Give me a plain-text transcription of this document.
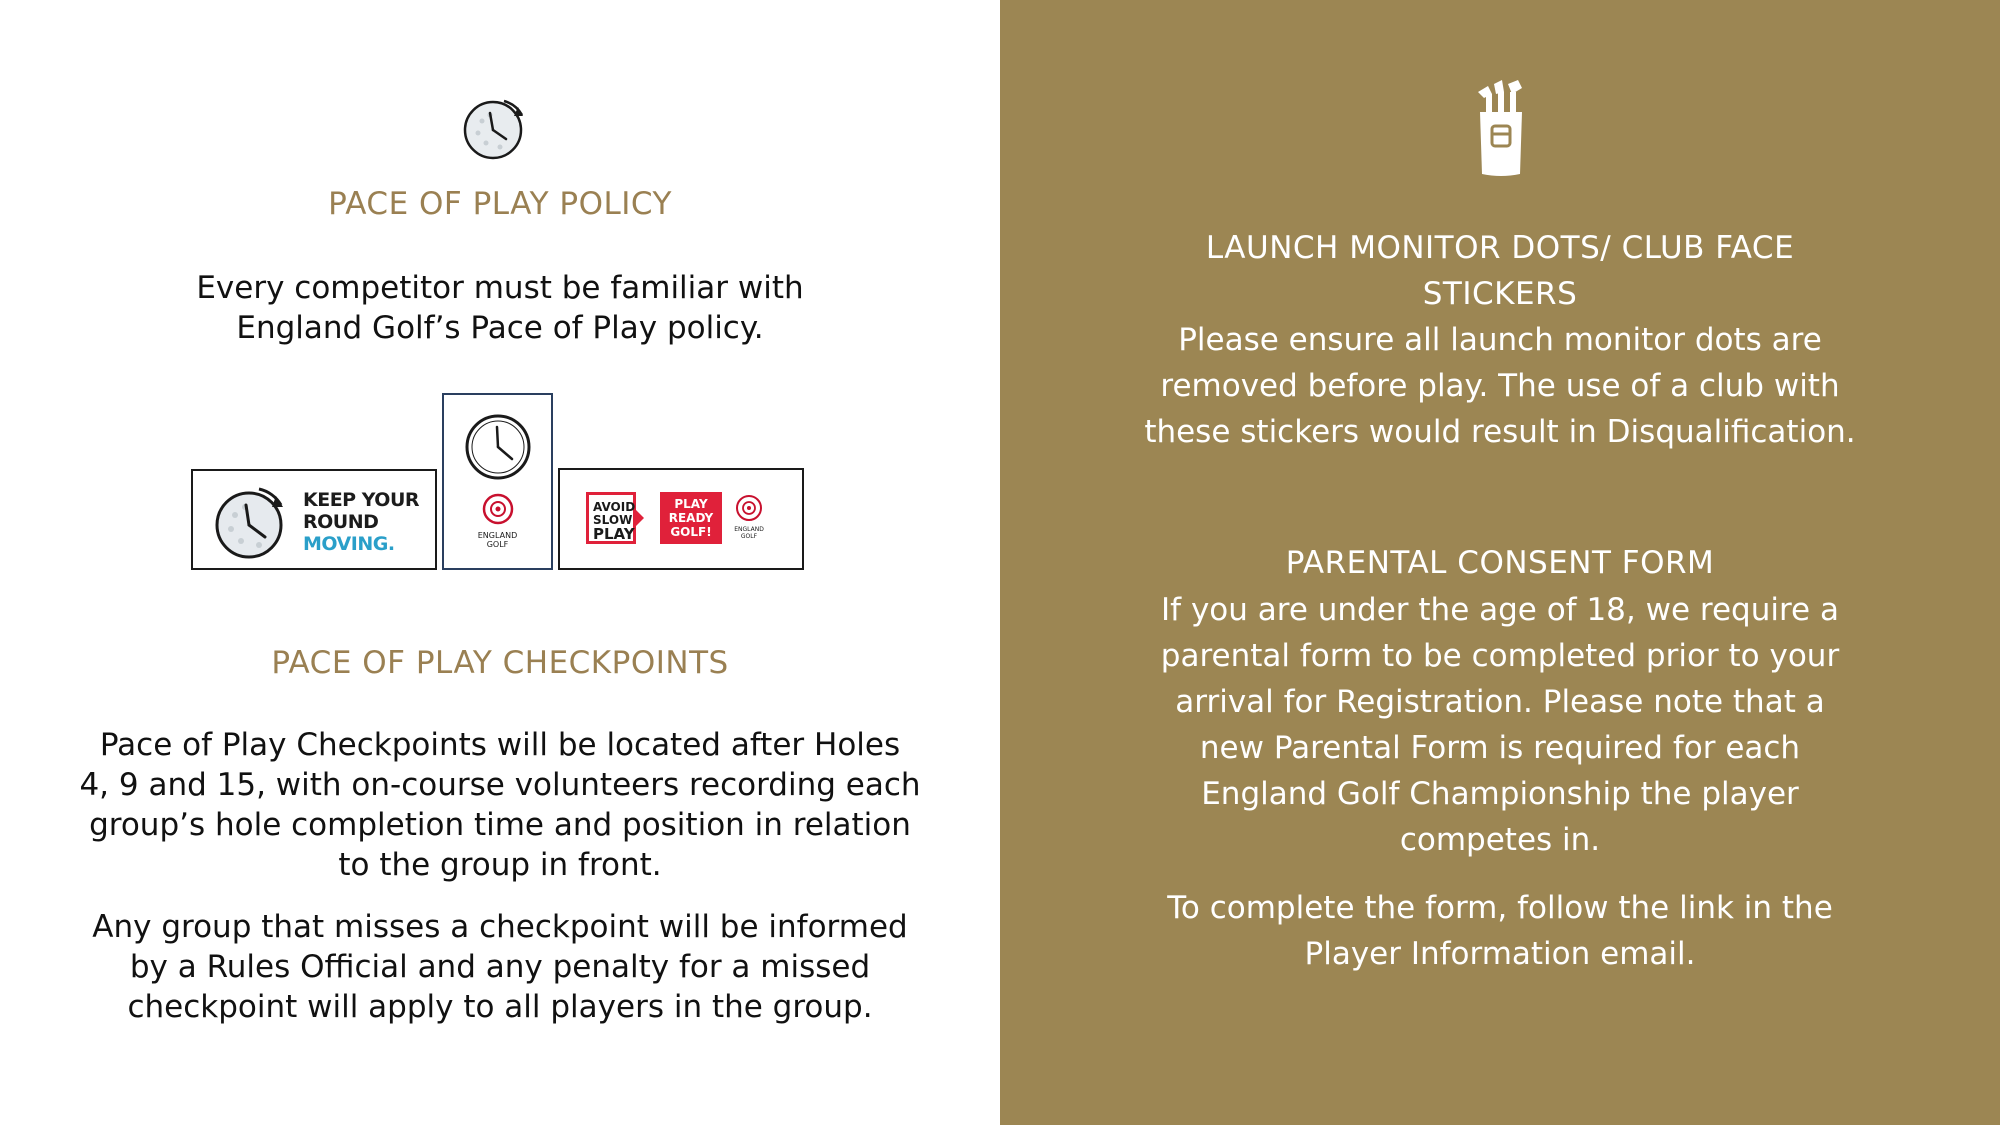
PACE OF PLAY POLICY
Every competitor must be familiar with
England Golf’s Pace of Play policy.
KEEP YOUR
ROUND
MOVING.	ENGLAND
GOLF
AVOID
SLOW
PLAY
PLAY
READY
GOLF!	ENGLAND
GOLF
PACE OF PLAY CHECKPOINTS
Pace of Play Checkpoints will be located after Holes
4, 9 and 15, with on-course volunteers recording each
group’s hole completion time and position in relation
to the group in front.
Any group that misses a checkpoint will be informed
by a Rules Official and any penalty for a missed
checkpoint will apply to all players in the group.
LAUNCH MONITOR DOTS/ CLUB FACE
STICKERS
Please ensure all launch monitor dots are
removed before play. The use of a club with
these stickers would result in Disqualification.
PARENTAL CONSENT FORM
If you are under the age of 18, we require a
parental form to be completed prior to your
arrival for Registration. Please note that a
new Parental Form is required for each
England Golf Championship the player
competes in.
To complete the form, follow the link in the
Player Information email.
